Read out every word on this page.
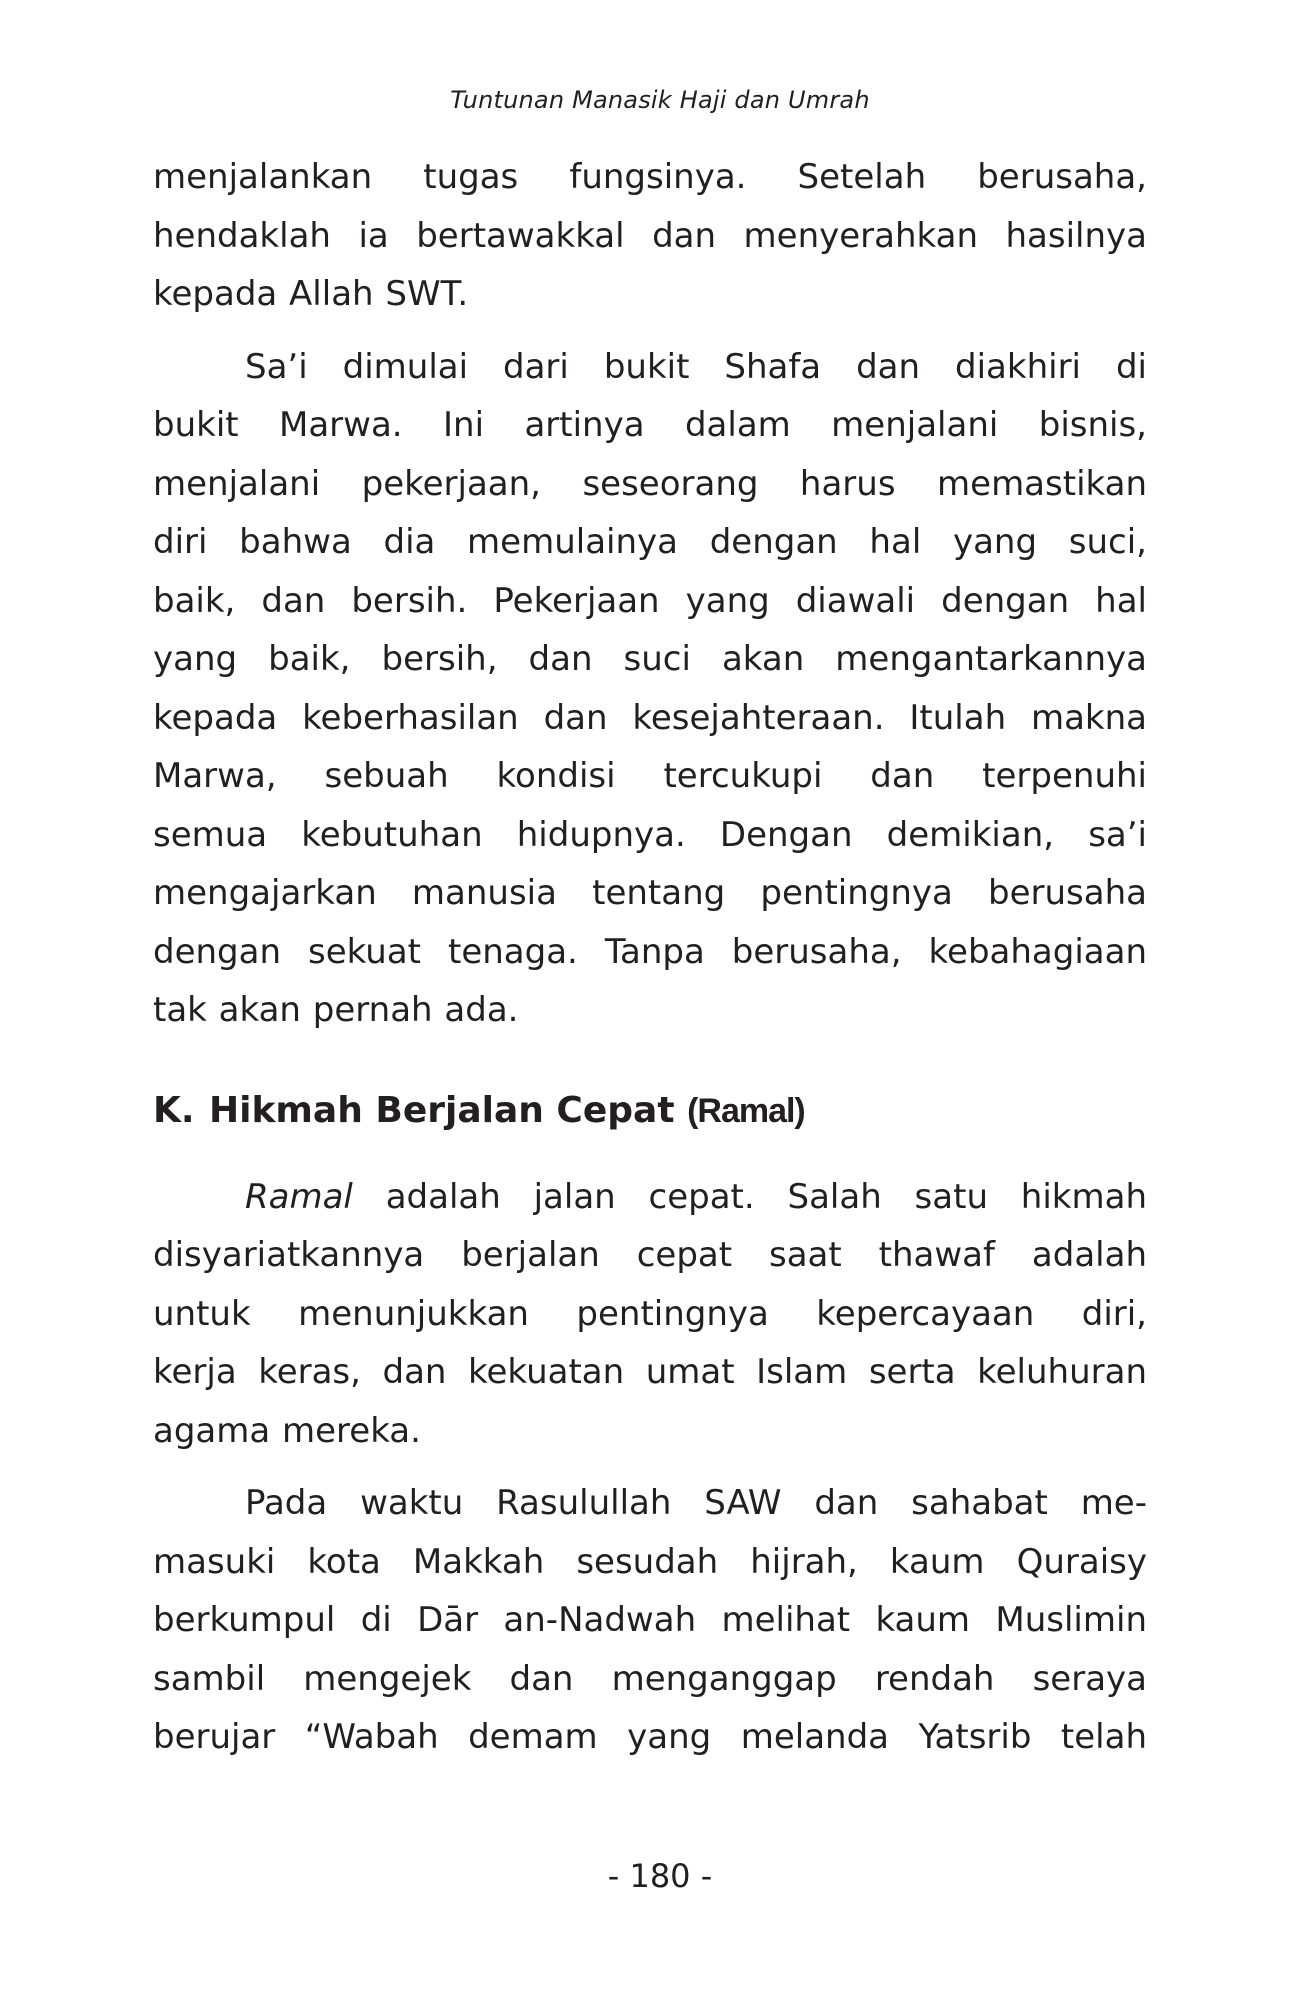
Tuntunan Manasik Haji dan Umrah

menjalankan tugas fungsinya. Setelah berusaha,
hendaklah ia bertawakkal dan menyerahkan hasilnya
kepada Allah SWT.

Sa’i dimulai dari bukit Shafa dan diakhiri di
bukit Marwa. Ini artinya dalam menjalani bisnis,
menjalani pekerjaan, seseorang harus memastikan
diri bahwa dia memulainya dengan hal yang suci,
baik, dan bersih. Pekerjaan yang diawali dengan hal
yang baik, bersih, dan suci akan mengantarkannya
kepada keberhasilan dan kesejahteraan. Itulah makna
Marwa, sebuah kondisi tercukupi dan terpenuhi
semua kebutuhan hidupnya. Dengan demikian, sa’i
mengajarkan manusia tentang pentingnya berusaha
dengan sekuat tenaga. Tanpa berusaha, kebahagiaan
tak akan pernah ada.

K. Hikmah Berjalan Cepat (Ramal)

Ramal adalah jalan cepat. Salah satu hikmah
disyariatkannya berjalan cepat saat thawaf adalah
untuk menunjukkan pentingnya kepercayaan diri,
kerja keras, dan kekuatan umat Islam serta keluhuran
agama mereka.

Pada waktu Rasulullah SAW dan sahabat me-
masuki kota Makkah sesudah hijrah, kaum Quraisy
berkumpul di Dār an-Nadwah melihat kaum Muslimin
sambil mengejek dan menganggap rendah seraya
berujar “Wabah demam yang melanda Yatsrib telah

- 180 -
